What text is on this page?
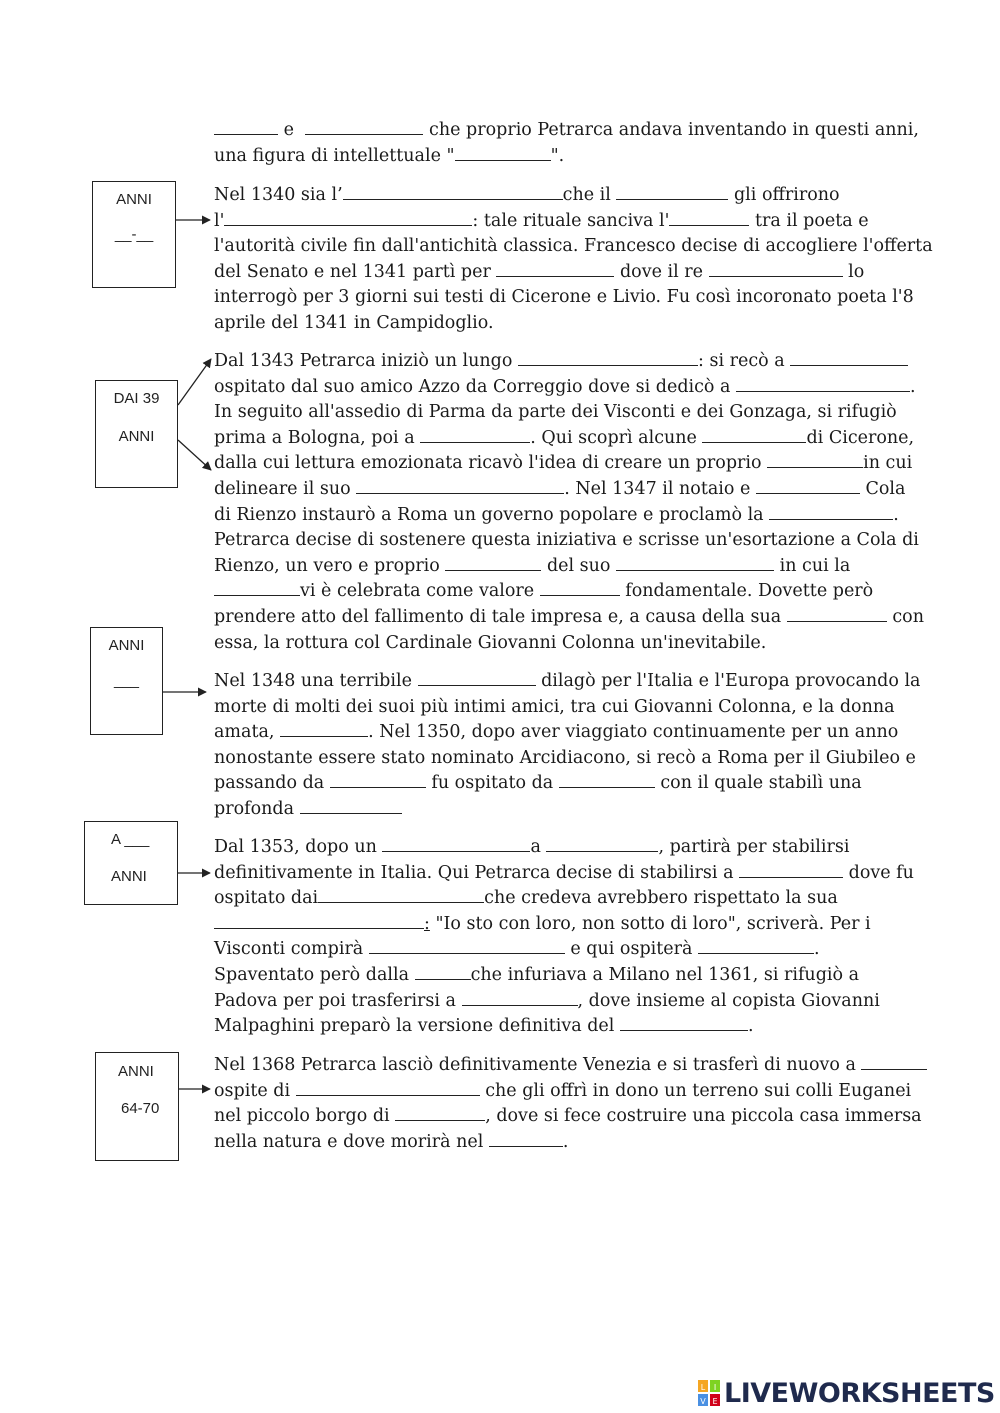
e	che proprio Petrarca andava inventando in questi anni,
una figura di intellettuale "	".
Nel 1340 sia l’	che il	gli offrirono
l'	: tale rituale sanciva l'	tra il poeta e
l'autorità civile fin dall'antichità classica. Francesco decise di accogliere l'offerta
del Senato e nel 1341 partì per	dove il re	lo
interrogò per 3 giorni sui testi di Cicerone e Livio. Fu così incoronato poeta l'8
aprile del 1341 in Campidoglio.
Dal 1343 Petrarca iniziò un lungo	: si recò a
ospitato dal suo amico Azzo da Correggio dove si dedicò a	.
In seguito all'assedio di Parma da parte dei Visconti e dei Gonzaga, si rifugiò
prima a Bologna, poi a	. Qui scoprì alcune	di Cicerone,
dalla cui lettura emozionata ricavò l'idea di creare un proprio	in cui
delineare il suo	. Nel 1347 il notaio e	Cola
di Rienzo instaurò a Roma un governo popolare e proclamò la	.
Petrarca decise di sostenere questa iniziativa e scrisse un'esortazione a Cola di
Rienzo, un vero e proprio	del suo	in cui la
vi è celebrata come valore	fondamentale. Dovette però
prendere atto del fallimento di tale impresa e, a causa della sua	con
essa, la rottura col Cardinale Giovanni Colonna un'inevitabile.
Nel 1348 una terribile	dilagò per l'Italia e l'Europa provocando la
morte di molti dei suoi più intimi amici, tra cui Giovanni Colonna, e la donna
amata,	. Nel 1350, dopo aver viaggiato continuamente per un anno
nonostante essere stato nominato Arcidiacono, si recò a Roma per il Giubileo e
passando da	fu ospitato da	con il quale stabilì una
profonda
Dal 1353, dopo un	a	, partirà per stabilirsi
definitivamente in Italia. Qui Petrarca decise di stabilirsi a	dove fu
ospitato dai	che credeva avrebbero rispettato la sua
: "Io sto con loro, non sotto di loro", scriverà. Per i
Visconti compirà	e qui ospiterà	.
Spaventato però dalla	che infuriava a Milano nel 1361, si rifugiò a
Padova per poi trasferirsi a	, dove insieme al copista Giovanni
Malpaghini preparò la versione definitiva del	.
Nel 1368 Petrarca lasciò definitivamente Venezia e si trasferì di nuovo a
ospite di	che gli offrì in dono un terreno sui colli Euganei
nel piccolo borgo di	, dove si fece costruire una piccola casa immersa
nella natura e dove morirà nel	.
ANNI
__-__
DAI 39
ANNI
ANNI
___
A ___
ANNI
ANNI
64-70
L I
V E LIVEWORKSHEETS
